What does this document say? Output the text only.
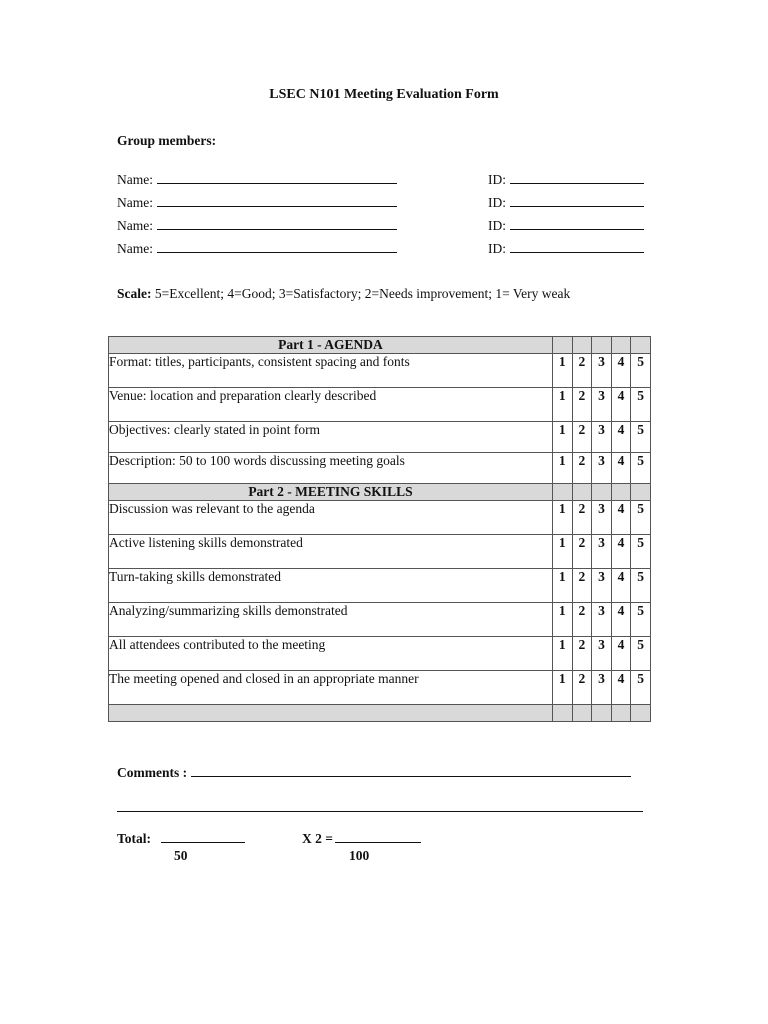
LSEC N101 Meeting Evaluation Form
Group members:
Name:	ID:
Name:	ID:
Name:	ID:
Name:	ID:
Scale: 5=Excellent; 4=Good; 3=Satisfactory; 2=Needs improvement; 1= Very weak
Part 1 - AGENDA					
Format: titles, participants, consistent spacing and fonts	1	2	3	4	5
Venue: location and preparation clearly described	1	2	3	4	5
Objectives: clearly stated in point form	1	2	3	4	5
Description: 50 to 100 words discussing meeting goals	1	2	3	4	5
Part 2 - MEETING SKILLS					
Discussion was relevant to the agenda	1	2	3	4	5
Active listening skills demonstrated	1	2	3	4	5
Turn-taking skills demonstrated	1	2	3	4	5
Analyzing/summarizing skills demonstrated	1	2	3	4	5
All attendees contributed to the meeting	1	2	3	4	5
The meeting opened and closed in an appropriate manner	1	2	3	4	5

Comments :
Total:	X 2 =
50	100
